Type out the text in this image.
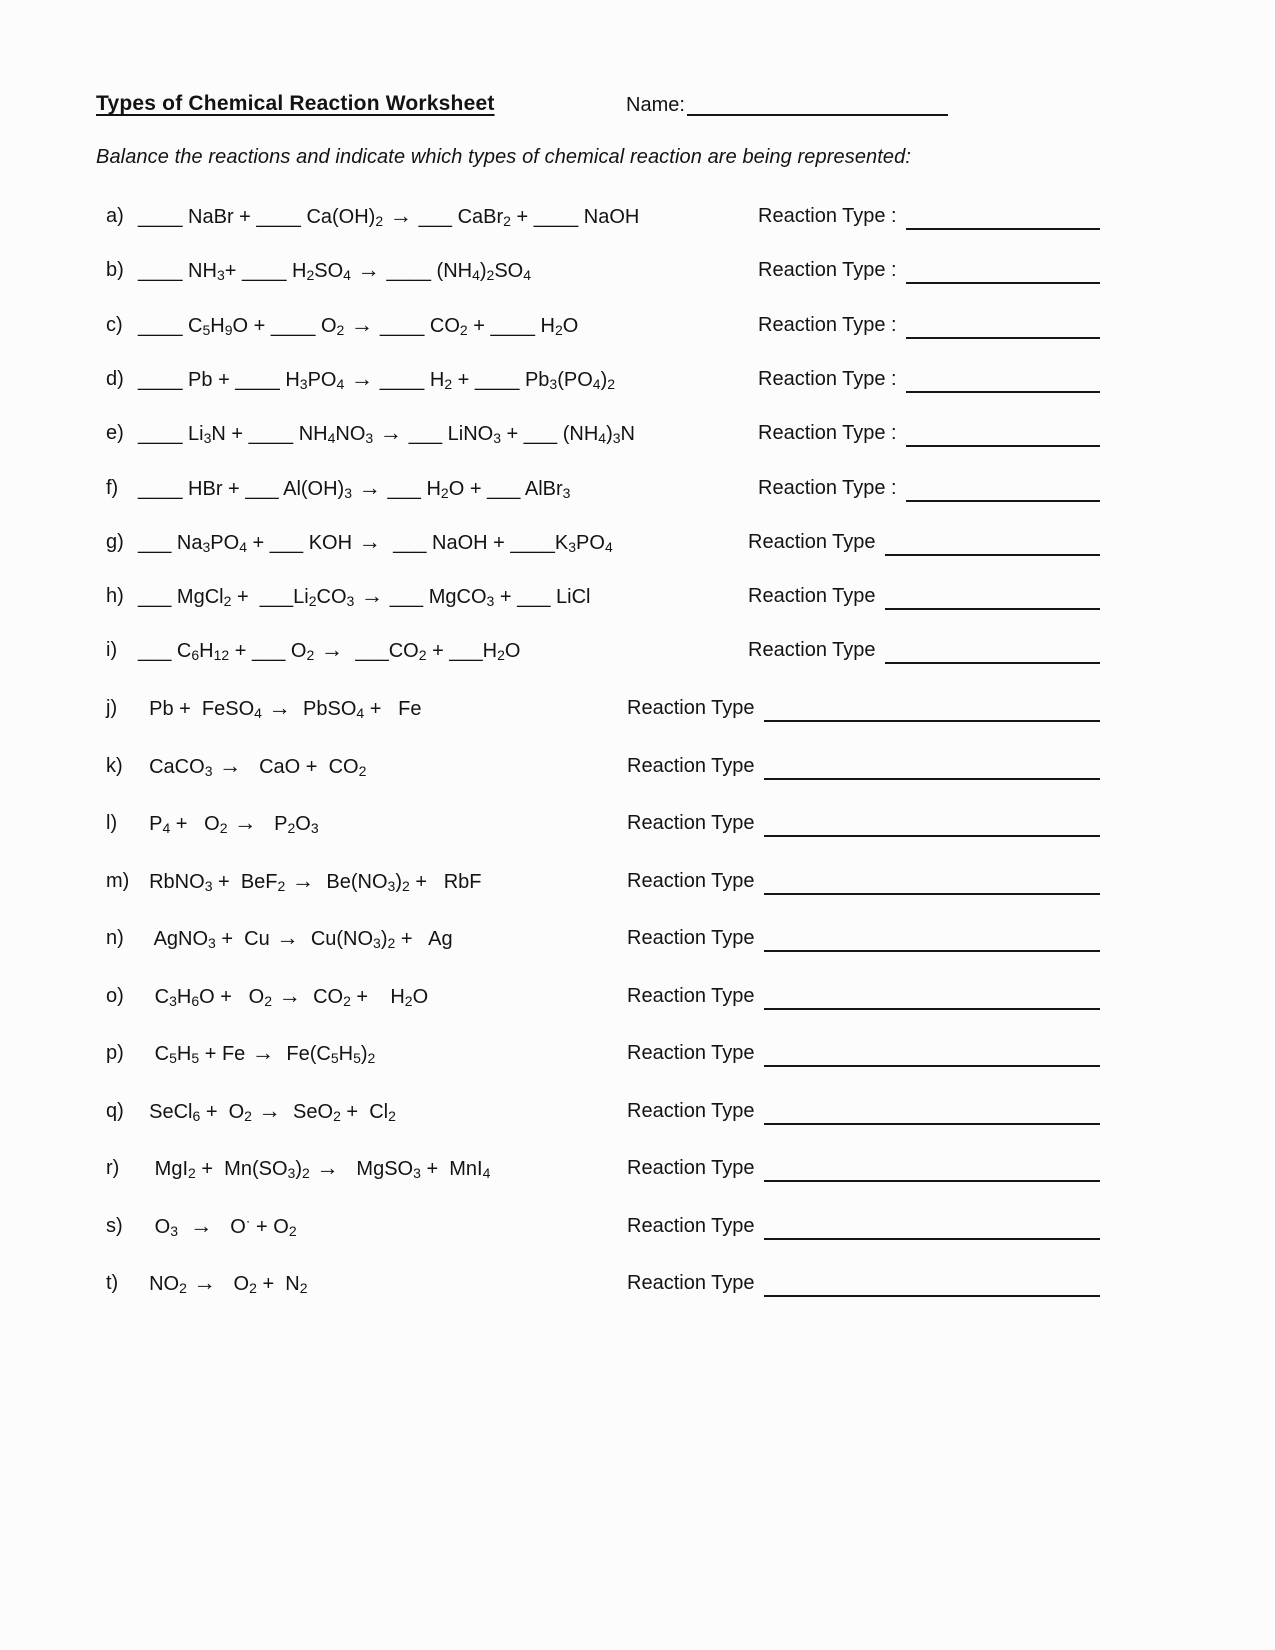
Types of Chemical Reaction Worksheet	Name:

Balance the reactions and indicate which types of chemical reaction are being represented:

a) ____ NaBr + ____ $Ca(OH)_2$ → ___ CaBr$_2$ + ____ NaOH	Reaction Type :
b) ____ $NH_3+$ ____ $H_2SO_4$ → ____ $(NH_4)_2SO_4$	Reaction Type :
c) ____ $C_5H_9O$ + ____ $O_2$ → ____ $CO_2$ + ____ $H_2O$	Reaction Type :
d) ____ Pb + ____ $H_3PO_4$ → ____ $H_2$ + ____ $Pb_3(PO_4)_2$	Reaction Type :
e) ____ $Li_3N$ + ____ $NH_4NO_3$ → ___ LiNO$_3$ + ___ $(NH_4)_3N$	Reaction Type :
f) ____ HBr + ___ $Al(OH)_3$ → ___ $H_2O$ + ___ AlBr$_3$	Reaction Type :
g) ___ $Na_3PO_4$ + ___ KOH →  ___ NaOH + $\_\_\_\_K_3PO_4$	Reaction Type
h) ___ MgCl$_2$ +  $\_\_\_Li_2CO_3$ → ___ MgCO$_3$ + ___ LiCl	Reaction Type
i) ___ $C_6H_{12}$ + ___ $O_2$ →  $\_\_\_CO_2$ + $\_\_\_H_2O$	Reaction Type
j) Pb +  FeSO$_4$ →  PbSO$_4$ +   Fe	Reaction Type
k) CaCO$_3$ →   CaO +  $CO_2$	Reaction Type
l) $P_4 + O_2 \to P_2O_3$	Reaction Type
m) RbNO$_3$ +  $BeF_2 \to Be(NO_3)_2$ +   RbF	Reaction Type
n) AgNO$_3$ +  $Cu \to Cu(NO_3)_2 + Ag$	Reaction Type
o) $C_3H_6O + O_2 \to CO_2$ +    $H_2O$	Reaction Type
p) $C_5H_5 + Fe \to Fe(C_5H_5)_2$	Reaction Type
q) SeCl$_6$ +  $O_2 \to SeO_2 + Cl_2$	Reaction Type
r) $MgI_2 + Mn(SO_3)_2$ →   MgSO$_3$ +  MnI$_4$	Reaction Type
s) $O_3 \to O^\cdot + O_2$	Reaction Type
t) $NO_2 \to O_2 + N_2$	Reaction Type
